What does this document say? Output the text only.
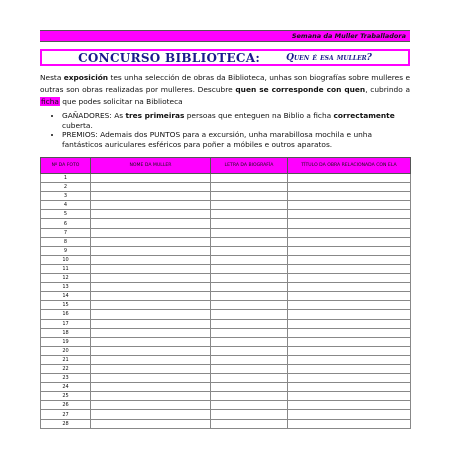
Semana da Muller Traballadora
CONCURSO BIBLIOTECA:	Quen é esa muller?
Nesta exposición tes unha selección de obras da Biblioteca, unhas son biografías sobre mulleres e outras son obras realizadas por mulleres. Descubre quen se corresponde con quen, cubrindo a ficha que podes solicitar na Biblioteca
• GAÑADORES: As tres primeiras persoas que enteguen na Biblio a ficha correctamente cuberta.
• PREMIOS: Ademais dos PUNTOS para a excursión, unha marabillosa mochila e unha fantásticos auriculares esféricos para poñer a móbiles e outros aparatos.
Nº DA FOTO	NOME DA MULLER	LETRA DA BIOGRAFÍA	TÍTULO DA OBRA RELACIONADA CON ELA
1			
2			
3			
4			
5			
6			
7			
8			
9			
10			
11			
12			
13			
14			
15			
16			
17			
18			
19			
20			
21			
22			
23			
24			
25			
26			
27			
28			
